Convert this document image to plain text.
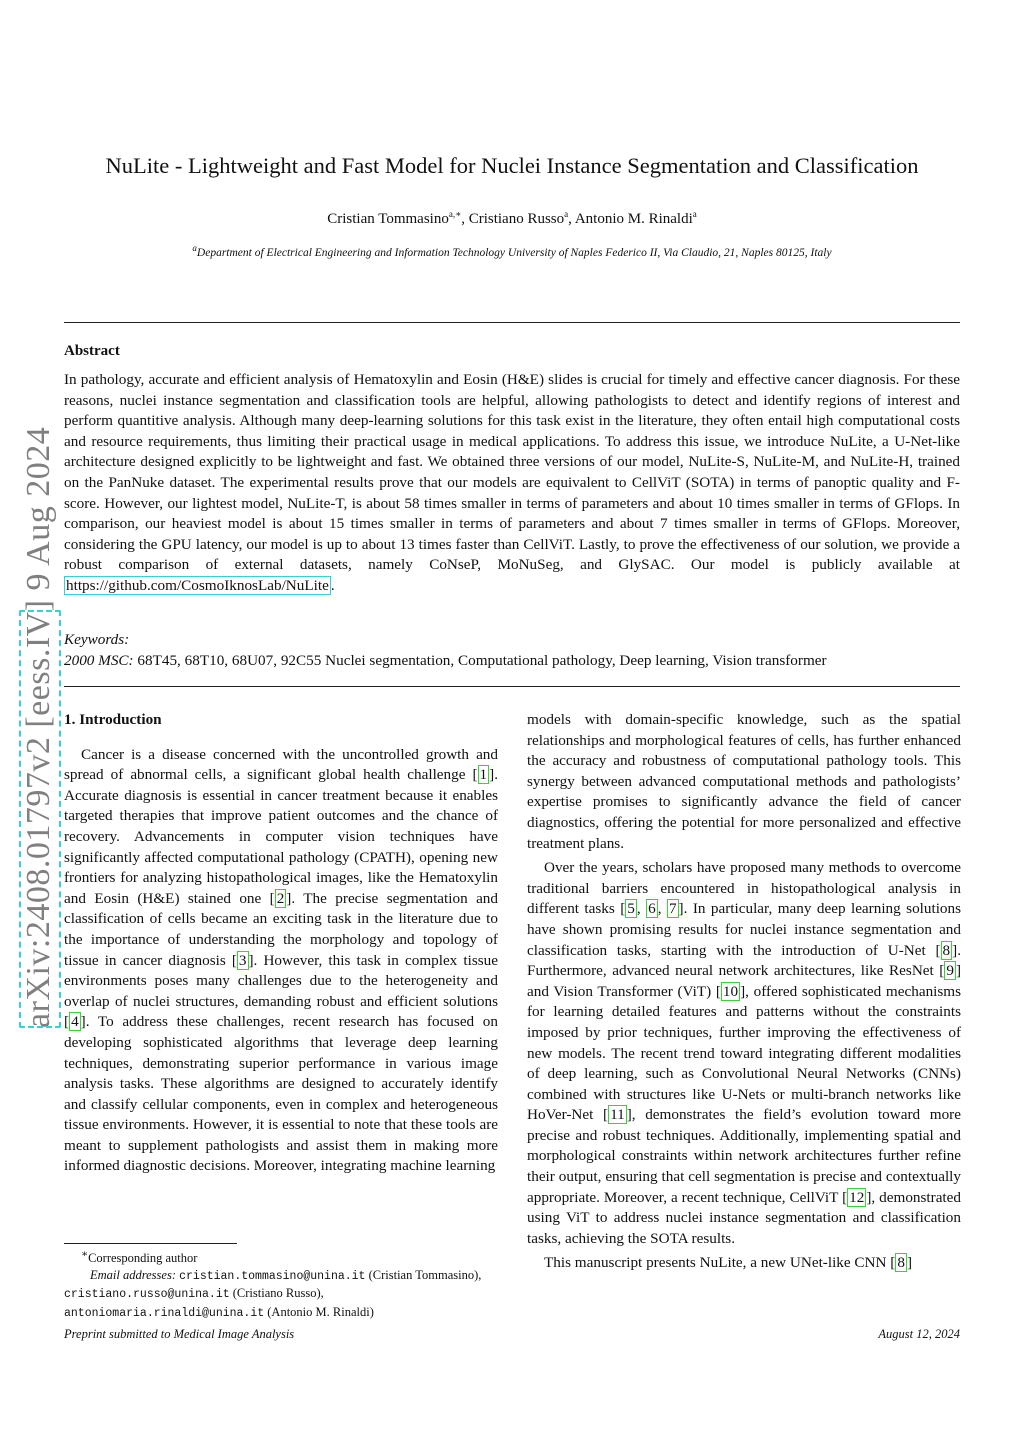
arXiv:2408.01797v2 [eess.IV] 9 Aug 2024
NuLite - Lightweight and Fast Model for Nuclei Instance Segmentation and Classification
Cristian Tommasino$^{a,∗}$, Cristiano Russo$^a$, Antonio M. Rinaldi$^a$
$^a$Department of Electrical Engineering and Information Technology University of Naples Federico II, Via Claudio, 21, Naples 80125, Italy
Abstract
In pathology, accurate and efficient analysis of Hematoxylin and Eosin (H&E) slides is crucial for timely and effective cancer diagnosis. For these reasons, nuclei instance segmentation and classification tools are helpful, allowing pathologists to detect and identify regions of interest and perform quantitive analysis. Although many deep-learning solutions for this task exist in the literature, they often entail high computational costs and resource requirements, thus limiting their practical usage in medical applications. To address this issue, we introduce NuLite, a U-Net-like architecture designed explicitly to be lightweight and fast. We obtained three versions of our model, NuLite-S, NuLite-M, and NuLite-H, trained on the PanNuke dataset. The experimental results prove that our models are equivalent to CellViT (SOTA) in terms of panoptic quality and F-score. However, our lightest model, NuLite-T, is about 58 times smaller in terms of parameters and about 10 times smaller in terms of GFlops. In comparison, our heaviest model is about 15 times smaller in terms of parameters and about 7 times smaller in terms of GFlops. Moreover, considering the GPU latency, our model is up to about 13 times faster than CellViT. Lastly, to prove the effectiveness of our solution, we provide a robust comparison of external datasets, namely CoNseP, MoNuSeg, and GlySAC. Our model is publicly available at https://github.com/CosmoIknosLab/NuLite .
Keywords:
2000 MSC: 68T45, 68T10, 68U07, 92C55 Nuclei segmentation, Computational pathology, Deep learning, Vision transformer
1. Introduction

Cancer is a disease concerned with the uncontrolled growth and spread of abnormal cells, a significant global health challenge [ 1 ]. Accurate diagnosis is essential in cancer treatment because it enables targeted therapies that improve patient outcomes and the chance of recovery. Advancements in computer vision techniques have significantly affected computational pathology (CPATH), opening new frontiers for analyzing histopathological images, like the Hematoxylin and Eosin (H&E) stained one [ 2 ]. The precise segmentation and classification of cells became an exciting task in the literature due to the importance of understanding the morphology and topology of tissue in cancer diagnosis [ 3 ]. However, this task in complex tissue environments poses many challenges due to the heterogeneity and overlap of nuclei structures, demanding robust and efficient solutions [ 4 ]. To address these challenges, recent research has focused on developing sophisticated algorithms that leverage deep learning techniques, demonstrating superior performance in various image analysis tasks. These algorithms are designed to accurately identify and classify cellular components, even in complex and heterogeneous tissue environments. However, it is essential to note that these tools are meant to supplement pathologists and assist them in making more informed diagnostic decisions. Moreover, integrating machine learning

models with domain-specific knowledge, such as the spatial relationships and morphological features of cells, has further enhanced the accuracy and robustness of computational pathology tools. This synergy between advanced computational methods and pathologists’ expertise promises to significantly advance the field of cancer diagnostics, offering the potential for more personalized and effective treatment plans.

Over the years, scholars have proposed many methods to overcome traditional barriers encountered in histopathological analysis in different tasks [ 5 , 6 , 7 ]. In particular, many deep learning solutions have shown promising results for nuclei instance segmentation and classification tasks, starting with the introduction of U-Net [ 8 ]. Furthermore, advanced neural network architectures, like ResNet [ 9 ] and Vision Transformer (ViT) [ 10 ], offered sophisticated mechanisms for learning detailed features and patterns without the constraints imposed by prior techniques, further improving the effectiveness of new models. The recent trend toward integrating different modalities of deep learning, such as Convolutional Neural Networks (CNNs) combined with structures like U-Nets or multi-branch networks like HoVer-Net [ 11 ], demonstrates the field’s evolution toward more precise and robust techniques. Additionally, implementing spatial and morphological constraints within network architectures further refine their output, ensuring that cell segmentation is precise and contextually appropriate. Moreover, a recent technique, CellViT [ 12 ], demonstrated using ViT to address nuclei instance segmentation and classification tasks, achieving the SOTA results.

This manuscript presents NuLite, a new UNet-like CNN [ 8 ]

∗Corresponding author
Email addresses: cristian.tommasino@unina.it (Cristian Tommasino), cristiano.russo@unina.it (Cristiano Russo), antoniomaria.rinaldi@unina.it (Antonio M. Rinaldi)
Preprint submitted to Medical Image Analysis	August 12, 2024
